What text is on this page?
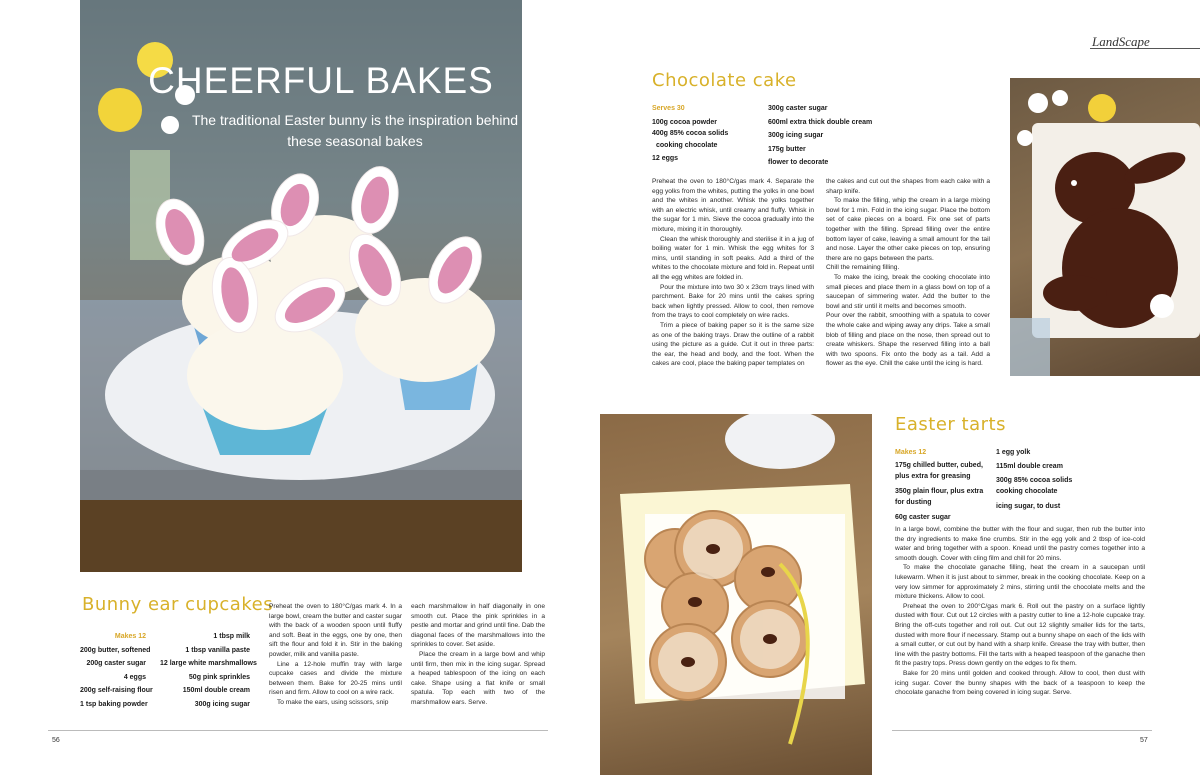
LandScape
CHEERFUL BAKES
The traditional Easter bunny is the inspiration behind these seasonal bakes
Chocolate cake
Serves 30
100g cocoa powder
400g 85% cocoa solids
cooking chocolate
12 eggs
300g caster sugar
600ml extra thick double cream
300g icing sugar
175g butter
flower to decorate

Preheat the oven to 180°C/gas mark 4. Separate the egg yolks from the whites, putting the yolks in one bowl and the whites in another. Whisk the yolks together with an electric whisk, until creamy and fluffy. Whisk in the sugar for 1 min. Sieve the cocoa gradually into the mixture, mixing it in thoroughly.

Clean the whisk thoroughly and sterilise it in a jug of boiling water for 1 min. Whisk the egg whites for 3 mins, until standing in soft peaks. Add a third of the whites to the chocolate mixture and fold in. Repeat until all the egg whites are folded in.

Pour the mixture into two 30 x 23cm trays lined with parchment. Bake for 20 mins until the cakes spring back when lightly pressed. Allow to cool, then remove from the trays to cool completely on wire racks.

Trim a piece of baking paper so it is the same size as one of the baking trays. Draw the outline of a rabbit using the picture as a guide. Cut it out in three parts: the ear, the head and body, and the foot. When the cakes are cool, place the baking paper templates on

the cakes and cut out the shapes from each cake with a sharp knife.

To make the filling, whip the cream in a large mixing bowl for 1 min. Fold in the icing sugar. Place the bottom set of cake pieces on a board. Fix one set of parts together with the filling. Spread filling over the entire bottom layer of cake, leaving a small amount for the tail and nose. Layer the other cake pieces on top, ensuring there are no gaps between the parts.

Chill the remaining filling.

To make the icing, break the cooking chocolate into small pieces and place them in a glass bowl on top of a saucepan of simmering water. Add the butter to the bowl and stir until it melts and becomes smooth.

Pour over the rabbit, smoothing with a spatula to cover the whole cake and wiping away any drips. Take a small blob of filling and place on the nose, then spread out to create whiskers. Shape the reserved filling into a ball with two spoons. Fix onto the body as a tail. Add a flower as the eye. Chill the cake until the icing is hard.

Easter tarts
Makes 12
175g chilled butter, cubed,
plus extra for greasing
350g plain flour, plus extra
for dusting
60g caster sugar
1 egg yolk
115ml double cream
300g 85% cocoa solids
cooking chocolate
icing sugar, to dust

In a large bowl, combine the butter with the flour and sugar, then rub the butter into the dry ingredients to make fine crumbs. Stir in the egg yolk and 2 tbsp of ice-cold water and bring together with a spoon. Knead until the pastry comes together into a smooth dough. Cover with cling film and chill for 20 mins.

To make the chocolate ganache filling, heat the cream in a saucepan until lukewarm. When it is just about to simmer, break in the cooking chocolate. Keep on a very low simmer for approximately 2 mins, stirring until the chocolate melts and the mixture thickens. Allow to cool.

Preheat the oven to 200°C/gas mark 6. Roll out the pastry on a surface lightly dusted with flour. Cut out 12 circles with a pastry cutter to line a 12-hole cupcake tray. Bring the off-cuts together and roll out. Cut out 12 slightly smaller lids for the tarts, dusted with more flour if necessary. Stamp out a bunny shape on each of the lids with a small cutter, or cut out by hand with a sharp knife. Grease the tray with butter, then line with the pastry bottoms. Fill the tarts with a heaped teaspoon of the ganache then fit the pastry tops. Press down gently on the edges to fix them.

Bake for 20 mins until golden and cooked through. Allow to cool, then dust with icing sugar. Cover the bunny shapes with the back of a teaspoon to keep the chocolate ganache from being covered in icing sugar. Serve.

Bunny ear cupcakes
Makes 12
200g butter, softened
200g caster sugar
4 eggs
200g self-raising flour
1 tsp baking powder
1 tbsp milk
1 tbsp vanilla paste
12 large white marshmallows
50g pink sprinkles
150ml double cream
300g icing sugar

Preheat the oven to 180°C/gas mark 4. In a large bowl, cream the butter and caster sugar with the back of a wooden spoon until fluffy and soft. Beat in the eggs, one by one, then sift the flour and fold it in. Stir in the baking powder, milk and vanilla paste.

Line a 12-hole muffin tray with large cupcake cases and divide the mixture between them. Bake for 20-25 mins until risen and firm. Allow to cool on a wire rack.

To make the ears, using scissors, snip

each marshmallow in half diagonally in one smooth cut. Place the pink sprinkles in a pestle and mortar and grind until fine. Dab the diagonal faces of the marshmallows into the sprinkles to cover. Set aside.

Place the cream in a large bowl and whip until firm, then mix in the icing sugar. Spread a heaped tablespoon of the icing on each cake. Shape using a flat knife or small spatula. Top each with two of the marshmallow ears. Serve.

56	57
